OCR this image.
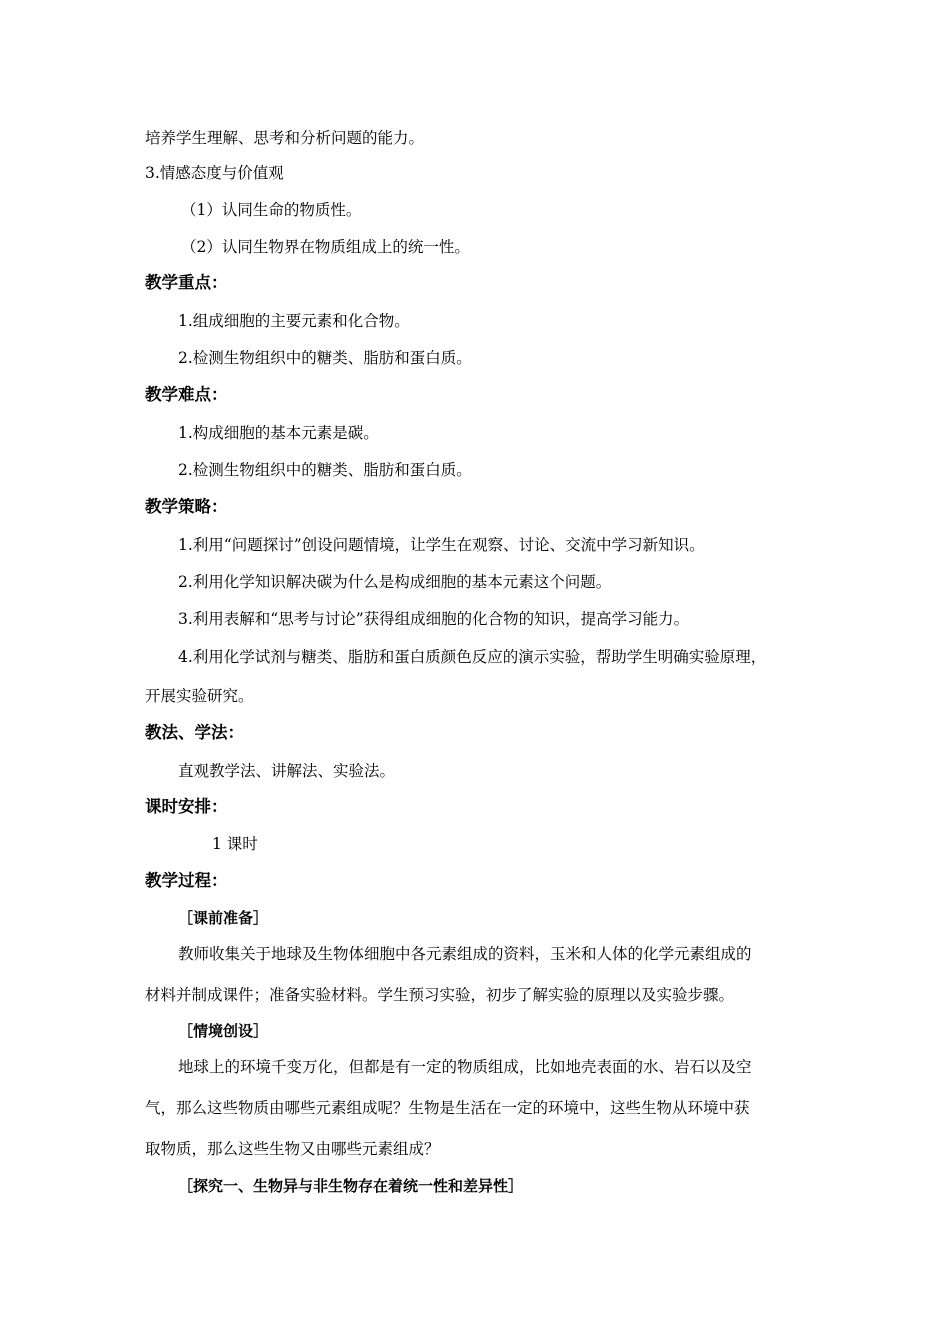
培养学生理解、思考和分析问题的能力。
3.情感态度与价值观
（1）认同生命的物质性。
（2）认同生物界在物质组成上的统一性。
教学重点：
1.组成细胞的主要元素和化合物。
2.检测生物组织中的糖类、脂肪和蛋白质。
教学难点：
1.构成细胞的基本元素是碳。
2.检测生物组织中的糖类、脂肪和蛋白质。
教学策略：
1.利用“问题探讨”创设问题情境，让学生在观察、讨论、交流中学习新知识。
2.利用化学知识解决碳为什么是构成细胞的基本元素这个问题。
3.利用表解和“思考与讨论”获得组成细胞的化合物的知识，提高学习能力。
4.利用化学试剂与糖类、脂肪和蛋白质颜色反应的演示实验，帮助学生明确实验原理，
开展实验研究。
教法、学法：
直观教学法、讲解法、实验法。
课时安排：
1 课时
教学过程：
［课前准备］
教师收集关于地球及生物体细胞中各元素组成的资料，玉米和人体的化学元素组成的
材料并制成课件；准备实验材料。学生预习实验，初步了解实验的原理以及实验步骤。
［情境创设］
地球上的环境千变万化，但都是有一定的物质组成，比如地壳表面的水、岩石以及空
气，那么这些物质由哪些元素组成呢？生物是生活在一定的环境中，这些生物从环境中获
取物质，那么这些生物又由哪些元素组成？
［探究一、生物异与非生物存在着统一性和差异性］
